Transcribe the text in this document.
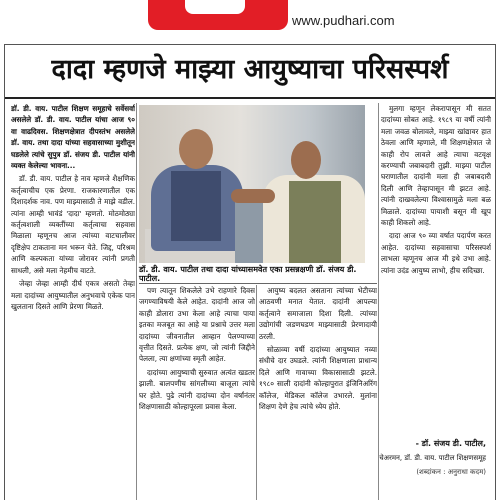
www.pudhari.com
दादा म्हणजे माझ्या आयुष्याचा परिसस्पर्श

डॉ. डी. वाय. पाटील शिक्षण समूहाचे सर्वेसर्वा असलेले डॉ. डी. वाय. पाटील यांचा आज ९० वा वाढदिवस. शिक्षणक्षेत्रात दीपस्तंभ असलेले डॉ. वाय. तथा दादा यांच्या सहवासाच्या मुशीतून घडलेले त्यांचे सुपुत्र डॉ. संजय डी. पाटील यांनी व्यक्त केलेल्या भावना...

डॉ. डी. वाय. पाटील हे नाव म्हणजे शैक्षणिक कर्तृत्वाचीच एक प्रेरणा. राजकारणातील एक दिशादर्शक नाव. पण माझ्यासाठी ते माझे वडील. त्यांना आम्ही भावंडं 'दादा' म्हणतो. मोठमोठ्या कर्तृत्वशाली व्यक्तींच्या कर्तृत्वाचा सहवास मिळाला म्हणूनच आज त्यांच्या वाटचालीवर दृष्टिक्षेप टाकताना मन भरून येते. जिद्द, परिश्रम आणि कल्पकता यांच्या जोरावर त्यांनी प्रगती साधली, असे मला नेहमीच वाटते.

जेव्हा जेव्हा आम्ही दीर्घ एकत्र असतो तेव्हा मला दादांच्या आयुष्यातील अनुभवाचे एकेक पान खुलताना दिसते आणि प्रेरणा मिळते.

डॉ. डी. वाय. पाटील तथा दादा यांच्यासमवेत एका प्रसन्नक्षणी डॉ. संजय डी. पाटील.

पण त्यातून शिकलेले उभे राहणारे दिवस जगण्याविषयी केले आहेत. दादांनी आज जो काही डोलारा उभा केला आहे त्याचा पाया इतका मजबूत का आहे या प्रश्नाचे उत्तर मला दादांच्या जीवनातील आव्हान पेलण्याच्या वृत्तीत दिसते. प्रत्येक क्षण, जो त्यांनी जिद्दीने पेलला, त्या क्षणांच्या स्मृती आहेत.

दादांच्या आयुष्याची सुरुवात अत्यंत खडतर झाली. बालपणीच सांगलीच्या बाजूला त्यांचे घर होते. पुढे त्यांनी दादांच्या दोन वर्षांनंतर शिक्षणासाठी कोल्हापूरला प्रवास केला.

आयुष्य बदलत असताना त्यांच्या भेटीच्या आठवणी मनात येतात. दादांनी आपल्या कर्तृत्वाने समाजाला दिशा दिली. त्यांच्या उद्योगांची जडणघडण माझ्यासाठी प्रेरणादायी ठरली.

सोळाव्या वर्षी दादांच्या आयुष्यात नव्या संधीचे दार उघडले. त्यांनी शिक्षणाला प्राधान्य दिले आणि गावाच्या विकासासाठी झटले. १९८० साली दादांनी कोल्हापुरात इंजिनिअरिंग कॉलेज, मेडिकल कॉलेज उभारले. मुलांना शिक्षण देणे हेच त्यांचे ध्येय होते.

मुलगा म्हणून लेकरापासून मी सतत दादांच्या सोबत आहे. १९८९ या वर्षी त्यांनी मला जवळ बोलावले, माझ्या खांद्यावर हात ठेवला आणि म्हणाले, मी शिक्षणक्षेत्रात जे काही रोप लावले आहे त्याचा वटवृक्ष करण्याची जबाबदारी तुझी. माझ्या पाटील घराणातील दादांनी मला ही जबाबदारी दिली आणि तेव्हापासून मी झटत आहे. त्यांनी दाखवलेल्या विश्वासामुळे मला बळ मिळाले. दादांच्या पायाशी बसून मी खूप काही शिकलो आहे.

दादा आज ९० व्या वर्षात पदार्पण करत आहेत. दादांच्या सहवासाचा परिसस्पर्श लाभला म्हणूनच आज मी इथे उभा आहे. त्यांना उदंड आयुष्य लाभो, हीच सदिच्छा.

- डॉ. संजय डी. पाटील,
चेअरमन, डॉ. डी. वाय. पाटील शिक्षणसमूह
(शब्दांकन : अनुराधा कदम)
